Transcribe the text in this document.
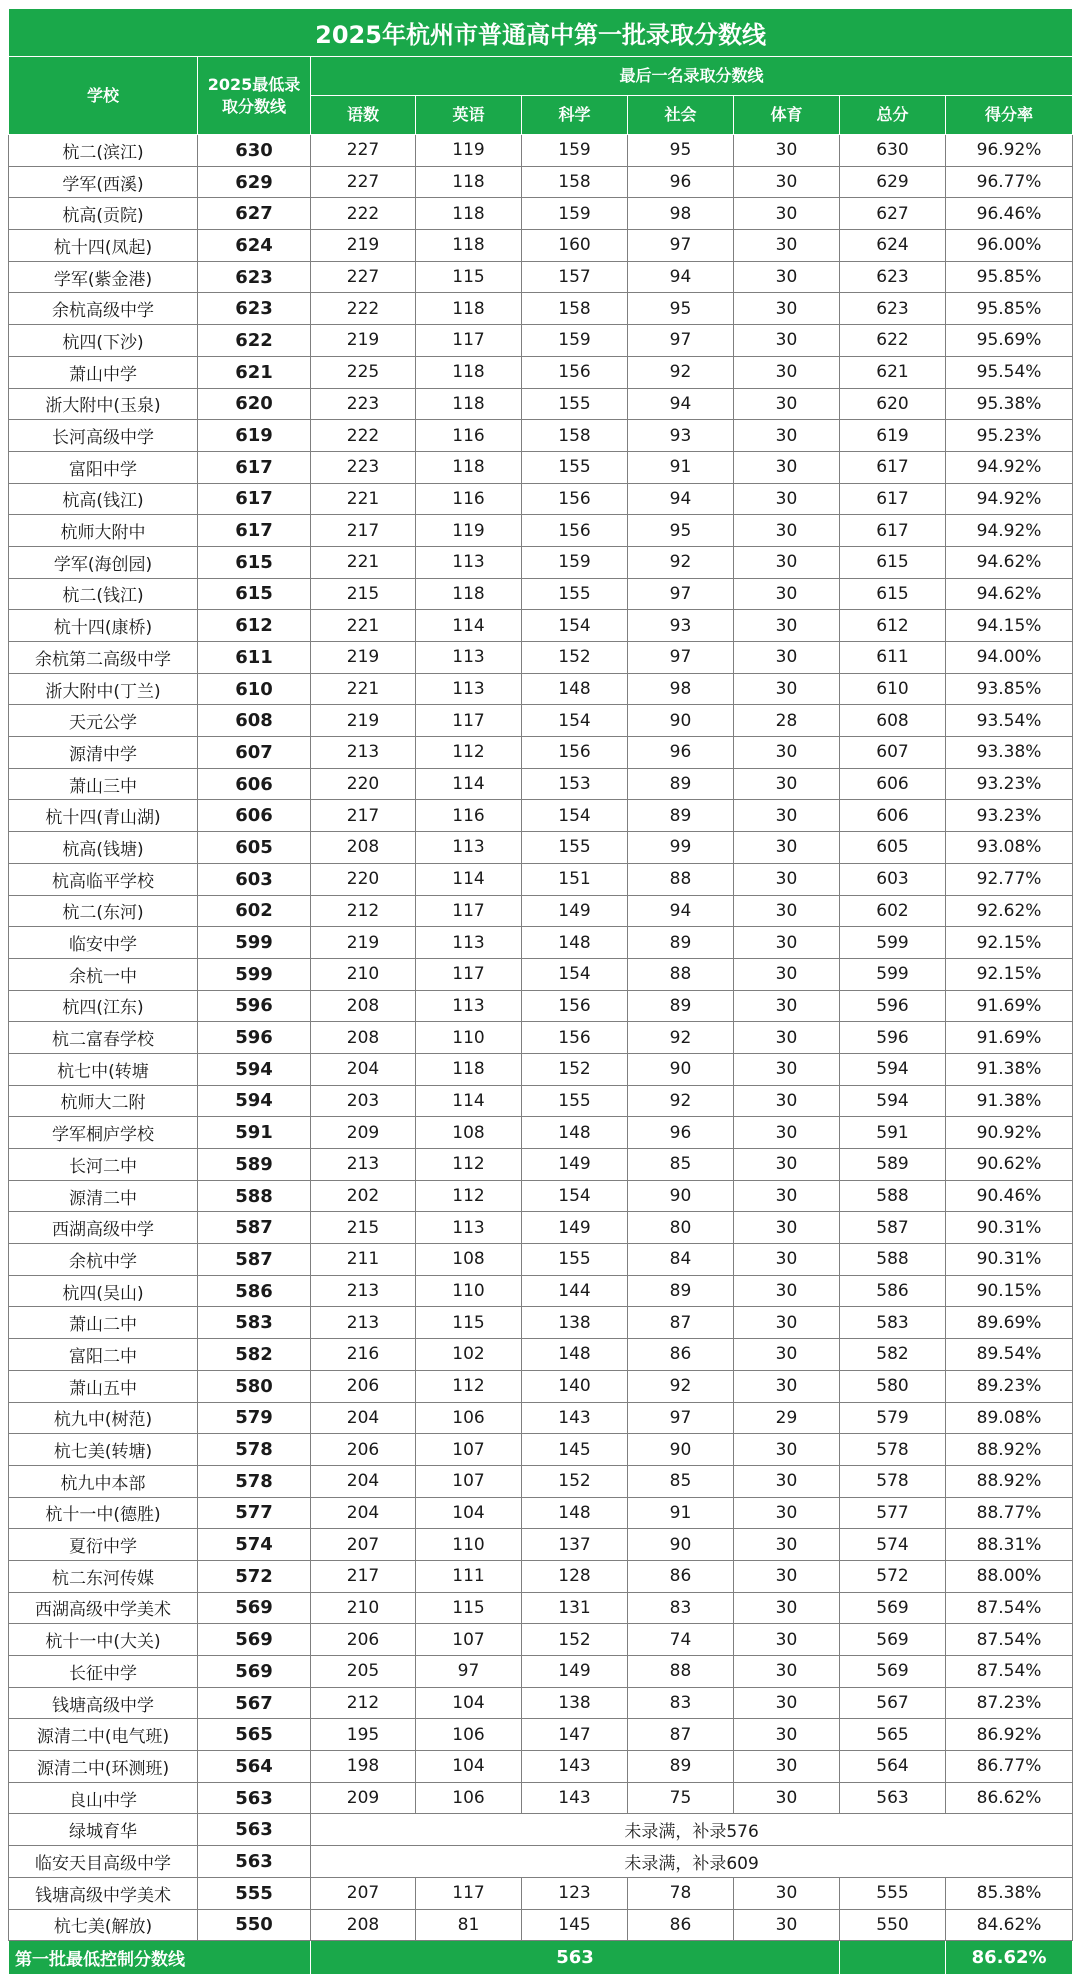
2025年杭州市普通高中第一批录取分数线								
学校	2025最低录取分数线	最后一名录取分数线						
		语数	英语	科学	社会	体育	总分	得分率
杭二(滨江)	630	227	119	159	95	30	630	96.92%
学军(西溪)	629	227	118	158	96	30	629	96.77%
杭高(贡院)	627	222	118	159	98	30	627	96.46%
杭十四(凤起)	624	219	118	160	97	30	624	96.00%
学军(紫金港)	623	227	115	157	94	30	623	95.85%
余杭高级中学	623	222	118	158	95	30	623	95.85%
杭四(下沙)	622	219	117	159	97	30	622	95.69%
萧山中学	621	225	118	156	92	30	621	95.54%
浙大附中(玉泉)	620	223	118	155	94	30	620	95.38%
长河高级中学	619	222	116	158	93	30	619	95.23%
富阳中学	617	223	118	155	91	30	617	94.92%
杭高(钱江)	617	221	116	156	94	30	617	94.92%
杭师大附中	617	217	119	156	95	30	617	94.92%
学军(海创园)	615	221	113	159	92	30	615	94.62%
杭二(钱江)	615	215	118	155	97	30	615	94.62%
杭十四(康桥)	612	221	114	154	93	30	612	94.15%
余杭第二高级中学	611	219	113	152	97	30	611	94.00%
浙大附中(丁兰)	610	221	113	148	98	30	610	93.85%
天元公学	608	219	117	154	90	28	608	93.54%
源清中学	607	213	112	156	96	30	607	93.38%
萧山三中	606	220	114	153	89	30	606	93.23%
杭十四(青山湖)	606	217	116	154	89	30	606	93.23%
杭高(钱塘)	605	208	113	155	99	30	605	93.08%
杭高临平学校	603	220	114	151	88	30	603	92.77%
杭二(东河)	602	212	117	149	94	30	602	92.62%
临安中学	599	219	113	148	89	30	599	92.15%
余杭一中	599	210	117	154	88	30	599	92.15%
杭四(江东)	596	208	113	156	89	30	596	91.69%
杭二富春学校	596	208	110	156	92	30	596	91.69%
杭七中(转塘	594	204	118	152	90	30	594	91.38%
杭师大二附	594	203	114	155	92	30	594	91.38%
学军桐庐学校	591	209	108	148	96	30	591	90.92%
长河二中	589	213	112	149	85	30	589	90.62%
源清二中	588	202	112	154	90	30	588	90.46%
西湖高级中学	587	215	113	149	80	30	587	90.31%
余杭中学	587	211	108	155	84	30	588	90.31%
杭四(吴山)	586	213	110	144	89	30	586	90.15%
萧山二中	583	213	115	138	87	30	583	89.69%
富阳二中	582	216	102	148	86	30	582	89.54%
萧山五中	580	206	112	140	92	30	580	89.23%
杭九中(树范)	579	204	106	143	97	29	579	89.08%
杭七美(转塘)	578	206	107	145	90	30	578	88.92%
杭九中本部	578	204	107	152	85	30	578	88.92%
杭十一中(德胜)	577	204	104	148	91	30	577	88.77%
夏衍中学	574	207	110	137	90	30	574	88.31%
杭二东河传媒	572	217	111	128	86	30	572	88.00%
西湖高级中学美术	569	210	115	131	83	30	569	87.54%
杭十一中(大关)	569	206	107	152	74	30	569	87.54%
长征中学	569	205	97	149	88	30	569	87.54%
钱塘高级中学	567	212	104	138	83	30	567	87.23%
源清二中(电气班)	565	195	106	147	87	30	565	86.92%
源清二中(环测班)	564	198	104	143	89	30	564	86.77%
良山中学	563	209	106	143	75	30	563	86.62%
绿城育华	563	未录满，补录576						
临安天目高级中学	563	未录满，补录609						
钱塘高级中学美术	555	207	117	123	78	30	555	85.38%
杭七美(解放)	550	208	81	145	86	30	550	84.62%
第一批最低控制分数线		563						86.62%
